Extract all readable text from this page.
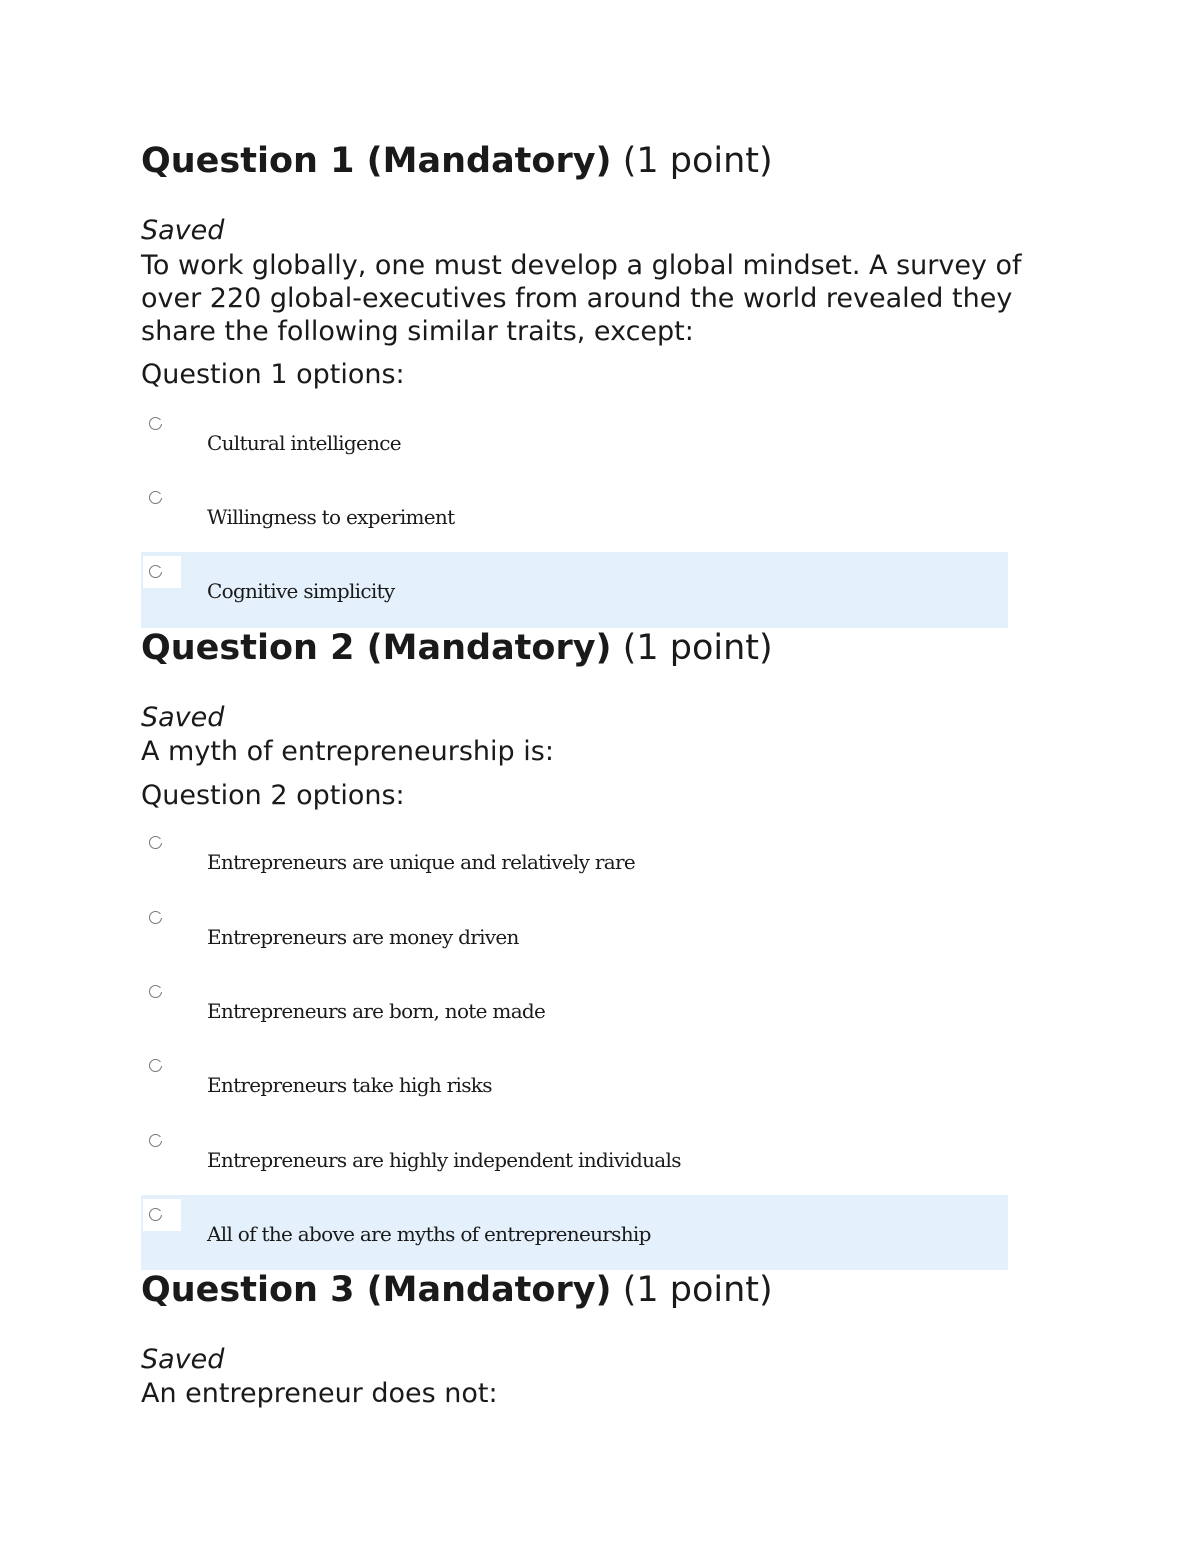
Question 1 (Mandatory) (1 point)
Saved
To work globally, one must develop a global mindset. A survey of over 220 global-executives from around the world revealed they share the following similar traits, except:
Question 1 options:
Cultural intelligence
Willingness to experiment
Cognitive simplicity
Question 2 (Mandatory) (1 point)
Saved
A myth of entrepreneurship is:
Question 2 options:
Entrepreneurs are unique and relatively rare
Entrepreneurs are money driven
Entrepreneurs are born, note made
Entrepreneurs take high risks
Entrepreneurs are highly independent individuals
All of the above are myths of entrepreneurship
Question 3 (Mandatory) (1 point)
Saved
An entrepreneur does not:
